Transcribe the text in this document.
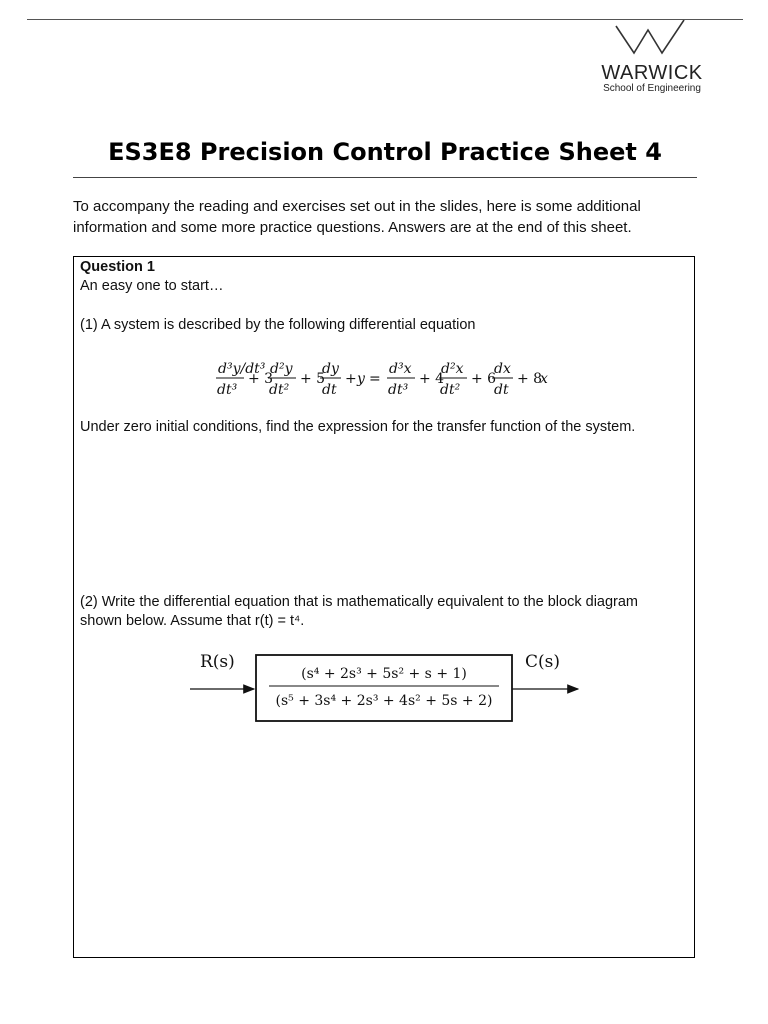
WARWICK
School of Engineering
ES3E8 Precision Control Practice Sheet 4
To accompany the reading and exercises set out in the slides, here is some additional information and some more practice questions. Answers are at the end of this sheet.
Question 1
An easy one to start…
(1) A system is described by the following differential equation
d³y/dt³
dt³
+ 3
d²y
dt²
+ 5
dy
dt
+ y =
d³x
dt³
+ 4
d²x
dt²
+ 6
dx
dt
+ 8
x
Under zero initial conditions, find the expression for the transfer function of the system.
(2) Write the differential equation that is mathematically equivalent to the block diagram
shown below. Assume that r(t) = t⁴.
R(s)
(s⁴ + 2s³ + 5s² + s + 1)
(s⁵ + 3s⁴ + 2s³ + 4s² + 5s + 2)
C(s)
